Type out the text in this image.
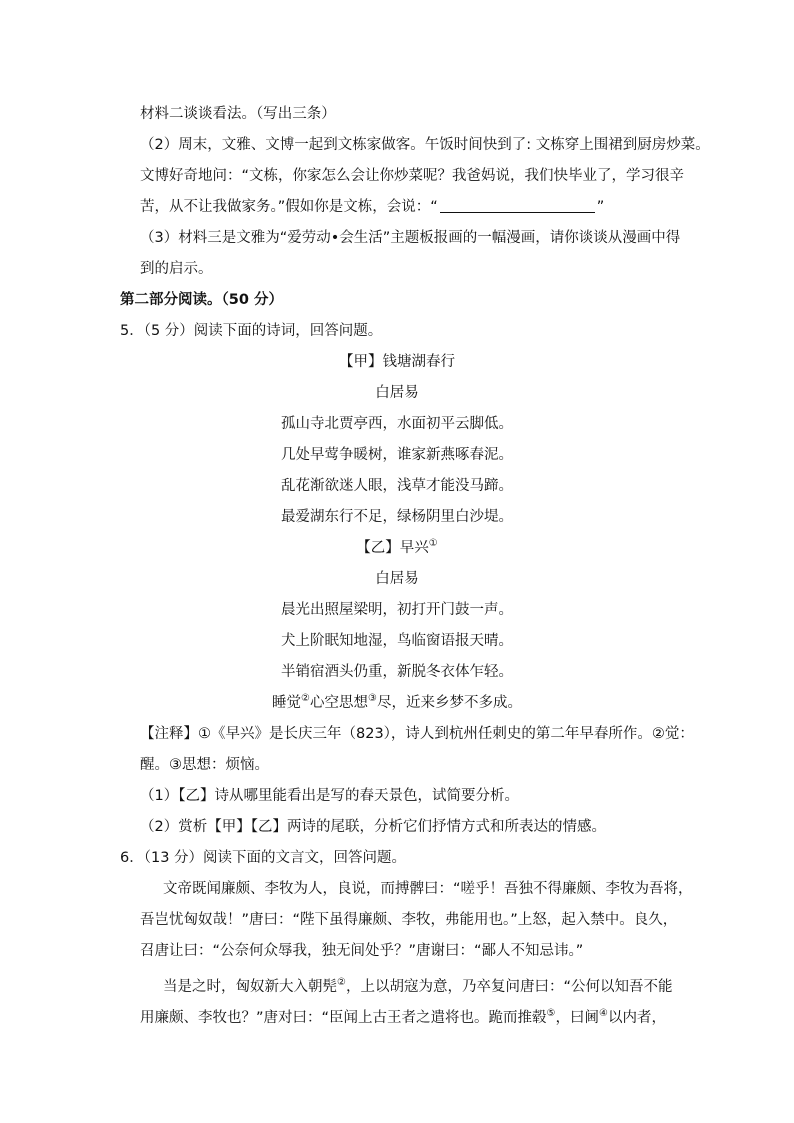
材料二谈谈看法。（写出三条）
（2）周末，文雅、文博一起到文栋家做客。午饭时间快到了: 文栋穿上围裙到厨房炒菜。
文博好奇地问：“文栋，你家怎么会让你炒菜呢？我爸妈说，我们快毕业了，学习很辛
苦，从不让我做家务。”假如你是文栋，会说：“	”
（3）材料三是文雅为“爱劳动•会生活”主题板报画的一幅漫画，请你谈谈从漫画中得
到的启示。
第二部分阅读。（50 分）
5．（5 分）阅读下面的诗词，回答问题。
【甲】钱塘湖春行
白居易
孤山寺北贾亭西，水面初平云脚低。
几处早莺争暖树，谁家新燕啄春泥。
乱花渐欲迷人眼，浅草才能没马蹄。
最爱湖东行不足，绿杨阴里白沙堤。
【乙】早兴①
白居易
晨光出照屋梁明，初打开门鼓一声。
犬上阶眠知地湿，鸟临窗语报天晴。
半销宿酒头仍重，新脱冬衣体乍轻。
睡觉②心空思想③尽，近来乡梦不多成。
【注释】①《早兴》是长庆三年（823），诗人到杭州任刺史的第二年早春所作。②觉：
醒。③思想：烦恼。
（1）【乙】诗从哪里能看出是写的春天景色，试简要分析。
（2）赏析【甲】【乙】两诗的尾联，分析它们抒情方式和所表达的情感。
6．（13 分）阅读下面的文言文，回答问题。
文帝既闻廉颇、李牧为人，良说，而搏髀曰：“嗟乎！吾独不得廉颇、李牧为吾将，
吾岂忧匈奴哉！”唐曰：“陛下虽得廉颇、李牧，弗能用也。”上怒，起入禁中。良久，
召唐让曰：“公奈何众辱我，独无间处乎？”唐谢曰：“鄙人不知忌讳。”
当是之时，匈奴新大入朝髡②，上以胡寇为意，乃卒复问唐曰：“公何以知吾不能
用廉颇、李牧也？”唐对曰：“臣闻上古王者之遣将也。跪而推毂⑤，曰阃④以内者，
